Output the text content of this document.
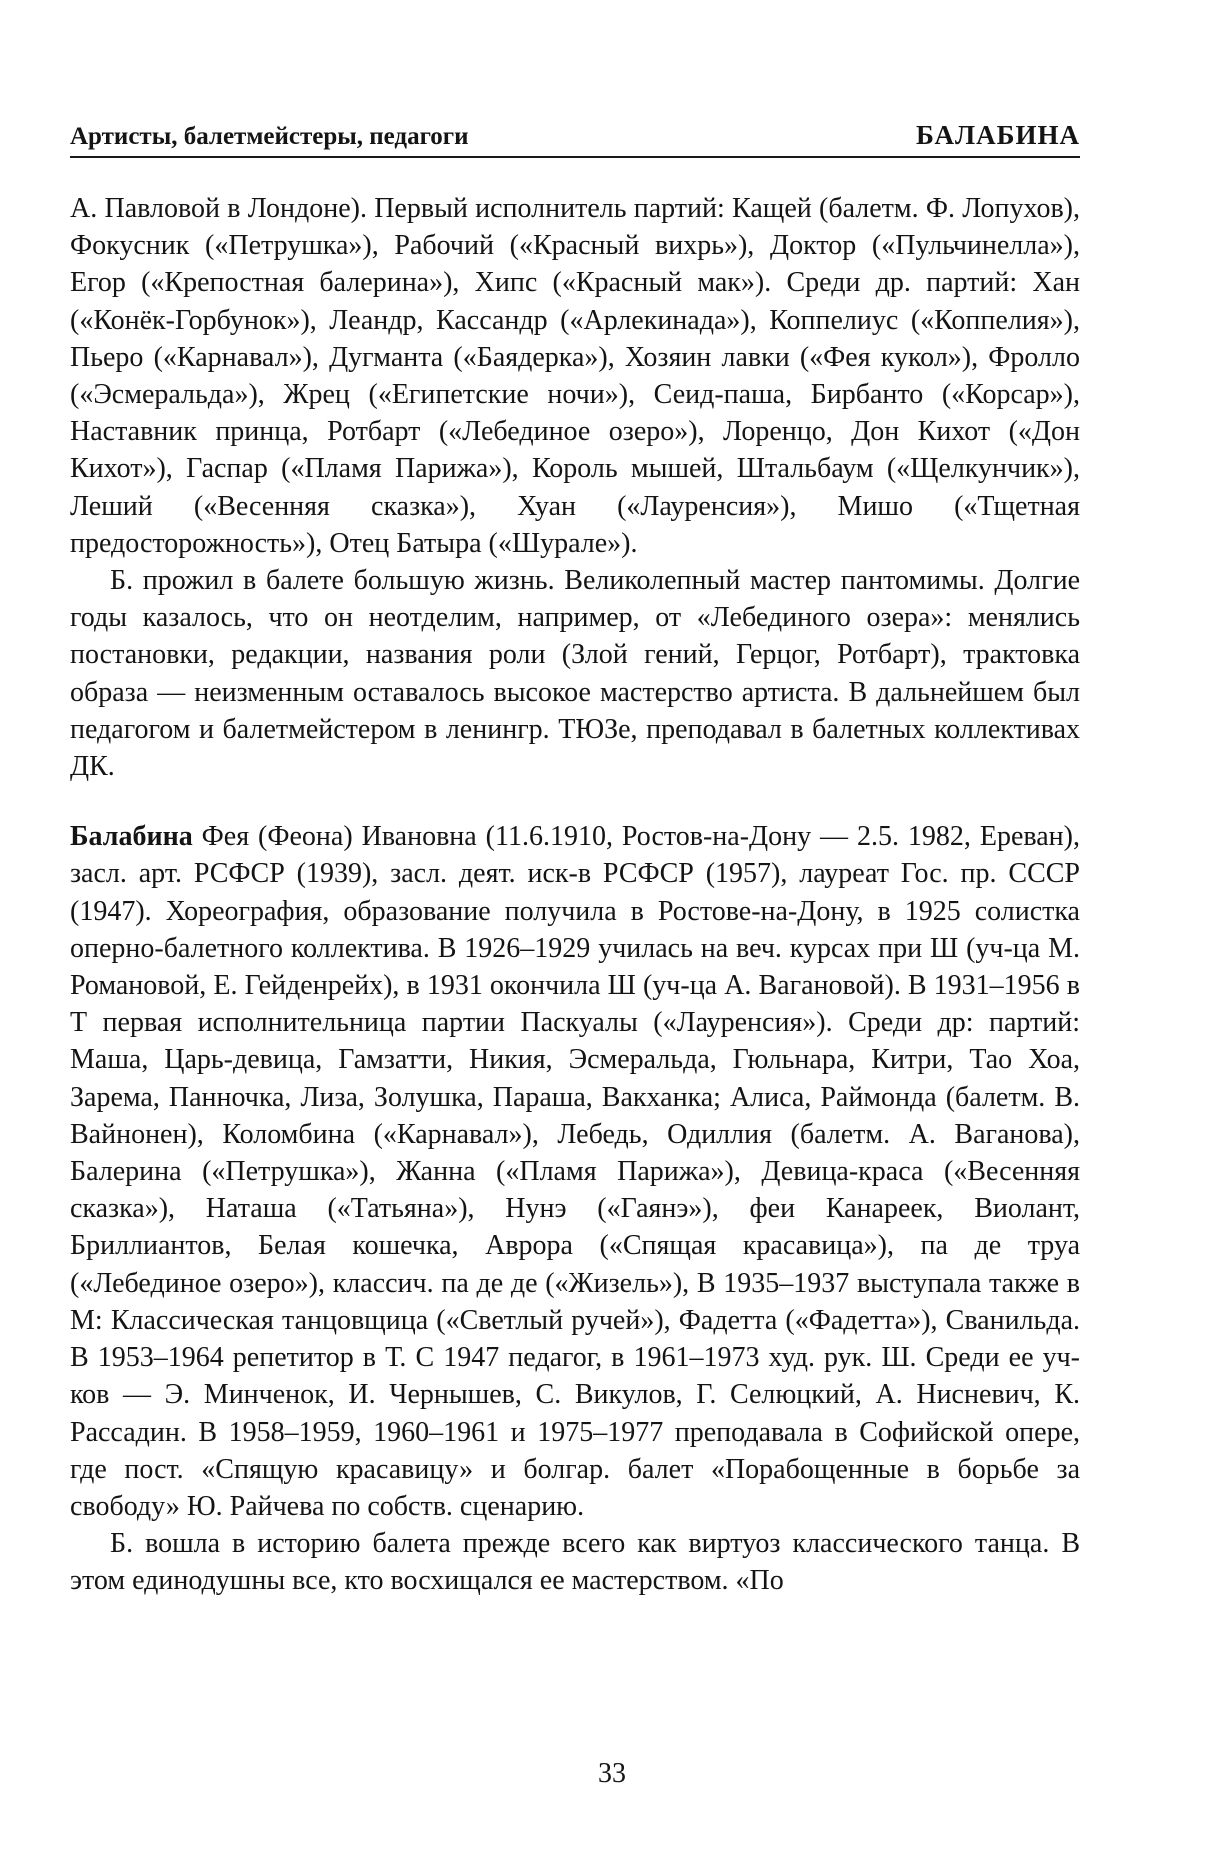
Артисты, балетмейстеры, педагоги	БАЛАБИНА

А. Павловой в Лондоне). Первый исполнитель партий: Кащей (балетм. Ф. Лопухов), Фокусник («Петрушка»), Рабочий («Красный вихрь»), Доктор («Пульчинелла»), Егор («Крепостная балерина»), Хипс («Красный мак»). Среди др. партий: Хан («Конёк-Горбунок»), Леандр, Кассандр («Арлекинада»), Коппелиус («Коппелия»), Пьеро («Карнавал»), Дугманта («Баядерка»), Хозяин лавки («Фея кукол»), Фролло («Эсмеральда»), Жрец («Египетские ночи»), Сеид-паша, Бирбанто («Корсар»), Наставник принца, Ротбарт («Лебединое озеро»), Лоренцо, Дон Кихот («Дон Кихот»), Гаспар («Пламя Парижа»), Король мышей, Штальбаум («Щелкунчик»), Леший («Весенняя сказка»), Хуан («Лауренсия»), Мишо («Тщетная предосторожность»), Отец Батыра («Шурале»).

Б. прожил в балете большую жизнь. Великолепный мастер пантомимы. Долгие годы казалось, что он неотделим, например, от «Лебединого озера»: менялись постановки, редакции, названия роли (Злой гений, Герцог, Ротбарт), трактовка образа — неизменным оставалось высокое мастерство артиста. В дальнейшем был педагогом и балетмейстером в ленингр. ТЮЗе, преподавал в балетных коллективах ДК.

Балабина Фея (Феона) Ивановна (11.6.1910, Ростов-на-Дону — 2.5. 1982, Ереван), засл. арт. РСФСР (1939), засл. деят. иск-в РСФСР (1957), лауреат Гос. пр. СССР (1947). Хореография, образование получила в Ростове-на-Дону, в 1925 солистка оперно-балетного коллектива. В 1926–1929 училась на веч. курсах при Ш (уч-ца М. Романовой, Е. Гейденрейх), в 1931 окончила Ш (уч-ца А. Вагановой). В 1931–1956 в Т первая исполнительница партии Паскуалы («Лауренсия»). Среди др: партий: Маша, Царь-девица, Гамзатти, Никия, Эсмеральда, Гюльнара, Китри, Тао Хоа, Зарема, Панночка, Лиза, Золушка, Параша, Вакханка; Алиса, Раймонда (балетм. В. Вайнонен), Коломбина («Карнавал»), Лебедь, Одиллия (балетм. А. Ваганова), Балерина («Петрушка»), Жанна («Пламя Парижа»), Девица-краса («Весенняя сказка»), Наташа («Татьяна»), Нунэ («Гаянэ»), феи Канареек, Виолант, Бриллиантов, Белая кошечка, Аврора («Спящая красавица»), па де труа («Лебединое озеро»), классич. па де де («Жизель»), В 1935–1937 выступала также в М: Классическая танцовщица («Светлый ручей»), Фадетта («Фадетта»), Сванильда. В 1953–1964 репетитор в Т. С 1947 педагог, в 1961–1973 худ. рук. Ш. Среди ее уч-ков — Э. Минченок, И. Чернышев, С. Викулов, Г. Селюцкий, А. Нисневич, К. Рассадин. В 1958–1959, 1960–1961 и 1975–1977 преподавала в Софийской опере, где пост. «Спящую красавицу» и болгар. балет «Порабощенные в борьбе за свободу» Ю. Райчева по собств. сценарию.

Б. вошла в историю балета прежде всего как виртуоз классического танца. В этом единодушны все, кто восхищался ее мастерством. «По

33
